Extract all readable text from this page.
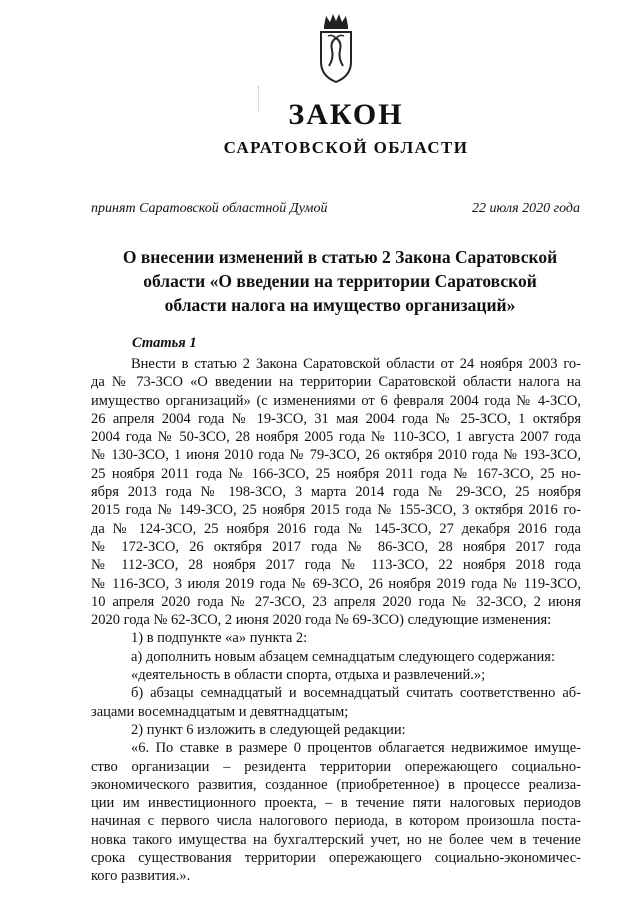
ЗАКОН
САРАТОВСКОЙ ОБЛАСТИ
принят Саратовской областной Думой	22 июля 2020 года
О внесении изменений в статью 2 Закона Саратовской
области «О введении на территории Саратовской
области налога на имущество организаций»
Статья 1
Внести в статью 2 Закона Саратовской области от 24 ноября 2003 го-
да № 73-ЗСО «О введении на территории Саратовской области налога на
имущество организаций» (с изменениями от 6 февраля 2004 года № 4-ЗСО,
26 апреля 2004 года № 19-ЗСО, 31 мая 2004 года № 25-ЗСО, 1 октября
2004 года № 50-ЗСО, 28 ноября 2005 года № 110-ЗСО, 1 августа 2007 года
№ 130-ЗСО, 1 июня 2010 года № 79-ЗСО, 26 октября 2010 года № 193-ЗСО,
25 ноября 2011 года № 166-ЗСО, 25 ноября 2011 года № 167-ЗСО, 25 но-
ября 2013 года № 198-ЗСО, 3 марта 2014 года № 29-ЗСО, 25 ноября
2015 года № 149-ЗСО, 25 ноября 2015 года № 155-ЗСО, 3 октября 2016 го-
да № 124-ЗСО, 25 ноября 2016 года № 145-ЗСО, 27 декабря 2016 года
№ 172-ЗСО, 26 октября 2017 года № 86-ЗСО, 28 ноября 2017 года
№ 112-ЗСО, 28 ноября 2017 года № 113-ЗСО, 22 ноября 2018 года
№ 116-ЗСО, 3 июля 2019 года № 69-ЗСО, 26 ноября 2019 года № 119-ЗСО,
10 апреля 2020 года № 27-ЗСО, 23 апреля 2020 года № 32-ЗСО, 2 июня
2020 года № 62-ЗСО, 2 июня 2020 года № 69-ЗСО) следующие изменения:
1) в подпункте «а» пункта 2:
а) дополнить новым абзацем семнадцатым следующего содержания:
«деятельность в области спорта, отдыха и развлечений.»;
б) абзацы семнадцатый и восемнадцатый считать соответственно аб-
зацами восемнадцатым и девятнадцатым;
2) пункт 6 изложить в следующей редакции:
«6. По ставке в размере 0 процентов облагается недвижимое имуще-
ство организации – резидента территории опережающего социально-
экономического развития, созданное (приобретенное) в процессе реализа-
ции им инвестиционного проекта, – в течение пяти налоговых периодов
начиная с первого числа налогового периода, в котором произошла поста-
новка такого имущества на бухгалтерский учет, но не более чем в течение
срока существования территории опережающего социально-экономичес-
кого развития.».
